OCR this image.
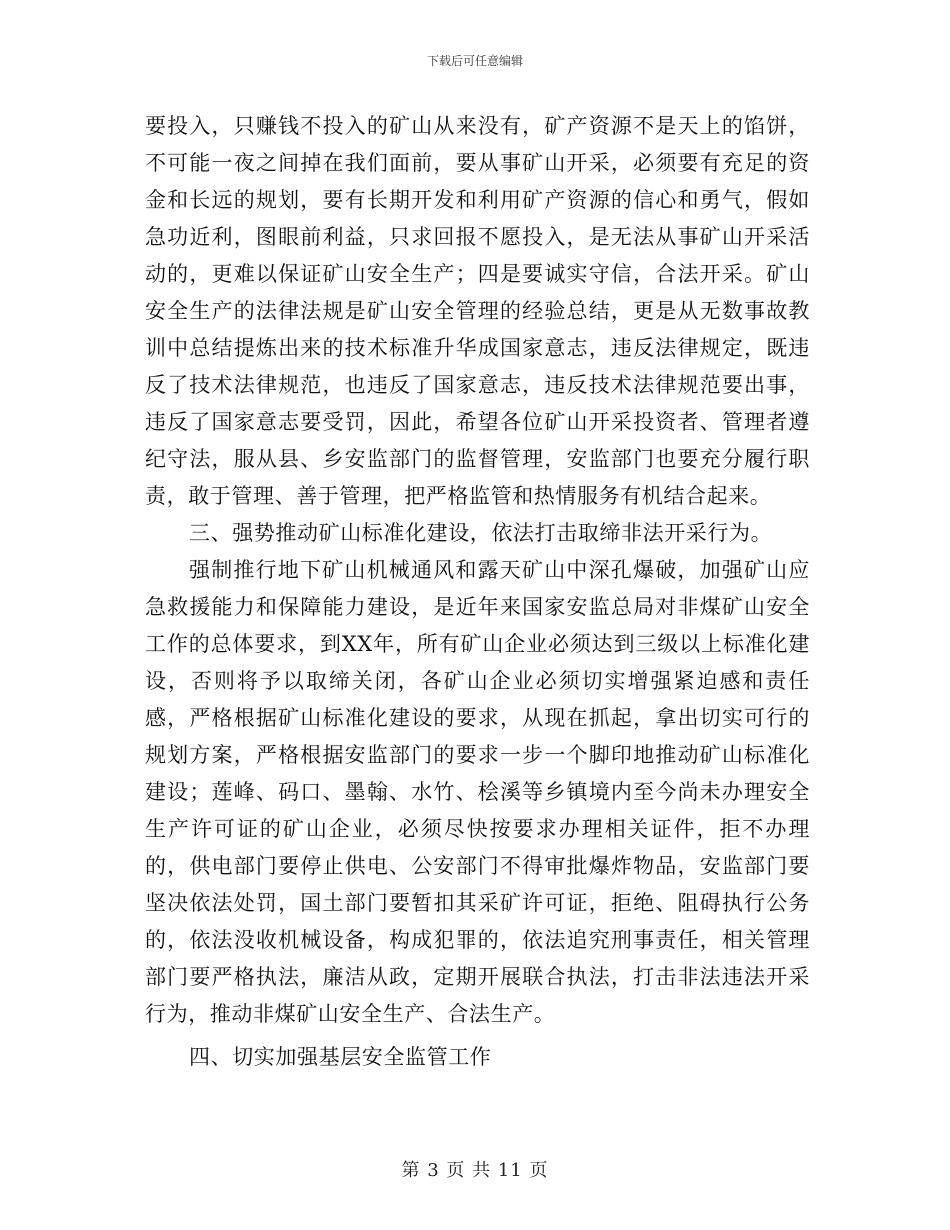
下载后可任意编辑

要投入，只赚钱不投入的矿山从来没有，矿产资源不是天上的馅饼，不可能一夜之间掉在我们面前，要从事矿山开采，必须要有充足的资金和长远的规划，要有长期开发和利用矿产资源的信心和勇气，假如急功近利，图眼前利益，只求回报不愿投入，是无法从事矿山开采活动的，更难以保证矿山安全生产；四是要诚实守信，合法开采。矿山安全生产的法律法规是矿山安全管理的经验总结，更是从无数事故教训中总结提炼出来的技术标准升华成国家意志，违反法律规定，既违反了技术法律规范，也违反了国家意志，违反技术法律规范要出事，违反了国家意志要受罚，因此，希望各位矿山开采投资者、管理者遵纪守法，服从县、乡安监部门的监督管理，安监部门也要充分履行职责，敢于管理、善于管理，把严格监管和热情服务有机结合起来。

三、强势推动矿山标准化建设，依法打击取缔非法开采行为。

强制推行地下矿山机械通风和露天矿山中深孔爆破，加强矿山应急救援能力和保障能力建设，是近年来国家安监总局对非煤矿山安全工作的总体要求，到XX年，所有矿山企业必须达到三级以上标准化建设，否则将予以取缔关闭，各矿山企业必须切实增强紧迫感和责任感，严格根据矿山标准化建设的要求，从现在抓起，拿出切实可行的规划方案，严格根据安监部门的要求一步一个脚印地推动矿山标准化建设；莲峰、码口、墨翰、水竹、桧溪等乡镇境内至今尚未办理安全生产许可证的矿山企业，必须尽快按要求办理相关证件，拒不办理的，供电部门要停止供电、公安部门不得审批爆炸物品，安监部门要坚决依法处罚，国土部门要暂扣其采矿许可证，拒绝、阻碍执行公务的，依法没收机械设备，构成犯罪的，依法追究刑事责任，相关管理部门要严格执法，廉洁从政，定期开展联合执法，打击非法违法开采行为，推动非煤矿山安全生产、合法生产。

四、切实加强基层安全监管工作

第 3 页 共 11 页
